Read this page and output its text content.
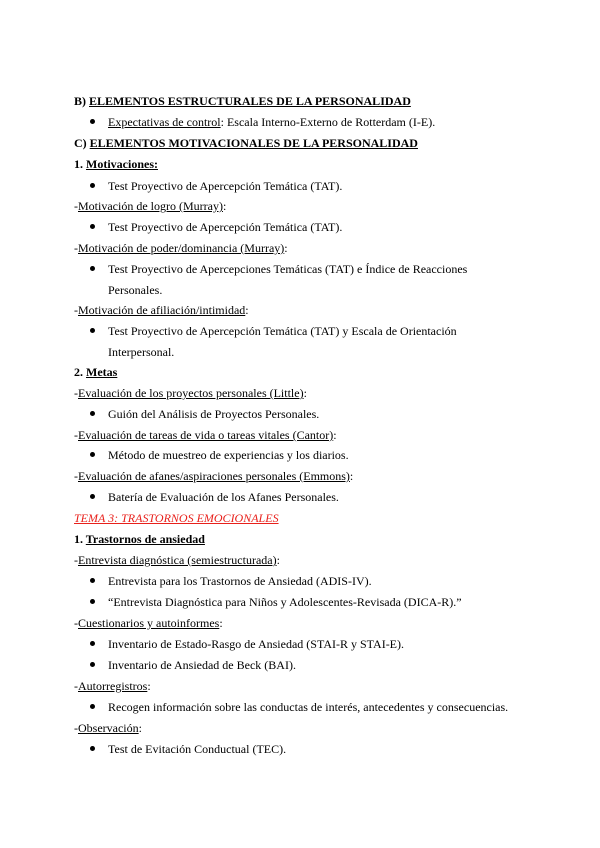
B) ELEMENTOS ESTRUCTURALES DE LA PERSONALIDAD
Expectativas de control: Escala Interno-Externo de Rotterdam (I-E).
C) ELEMENTOS MOTIVACIONALES DE LA PERSONALIDAD
1. Motivaciones:
Test Proyectivo de Apercepción Temática (TAT).
-Motivación de logro (Murray):
Test Proyectivo de Apercepción Temática (TAT).
-Motivación de poder/dominancia (Murray):
Test Proyectivo de Apercepciones Temáticas (TAT) e Índice de Reacciones
Personales.
-Motivación de afiliación/intimidad:
Test Proyectivo de Apercepción Temática (TAT) y Escala de Orientación
Interpersonal.
2. Metas
-Evaluación de los proyectos personales (Little):
Guión del Análisis de Proyectos Personales.
-Evaluación de tareas de vida o tareas vitales (Cantor):
Método de muestreo de experiencias y los diarios.
-Evaluación de afanes/aspiraciones personales (Emmons):
Batería de Evaluación de los Afanes Personales.
TEMA 3: TRASTORNOS EMOCIONALES
1. Trastornos de ansiedad
-Entrevista diagnóstica (semiestructurada):
Entrevista para los Trastornos de Ansiedad (ADIS-IV).
“Entrevista Diagnóstica para Niños y Adolescentes-Revisada (DICA-R).”
-Cuestionarios y autoinformes:
Inventario de Estado-Rasgo de Ansiedad (STAI-R y STAI-E).
Inventario de Ansiedad de Beck (BAI).
-Autorregistros:
Recogen información sobre las conductas de interés, antecedentes y consecuencias.
-Observación:
Test de Evitación Conductual (TEC).
